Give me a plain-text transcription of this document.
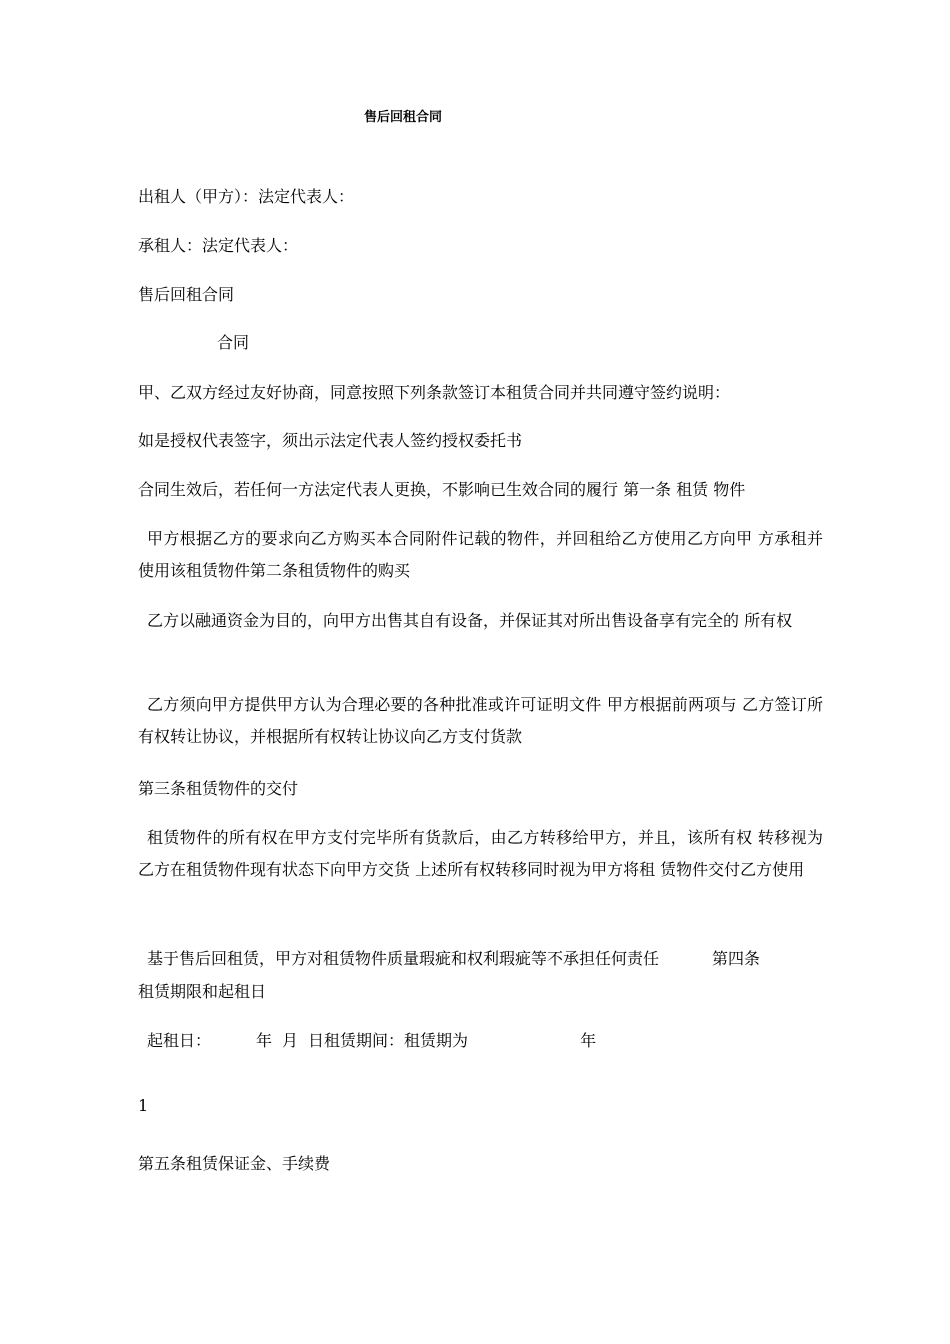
售后回租合同
出租人（甲方）：法定代表人：
承租人：法定代表人：
售后回租合同
合同
甲、乙双方经过友好协商，同意按照下列条款签订本租赁合同并共同遵守签约说明：
如是授权代表签字，须出示法定代表人签约授权委托书
合同生效后，若任何一方法定代表人更换，不影响已生效合同的履行 第一条 租赁 物件
甲方根据乙方的要求向乙方购买本合同附件记载的物件，并回租给乙方使用乙方向甲 方承租并使用该租赁物件第二条租赁物件的购买
乙方以融通资金为目的，向甲方出售其自有设备，并保证其对所出售设备享有完全的 所有权
乙方须向甲方提供甲方认为合理必要的各种批准或许可证明文件 甲方根据前两项与 乙方签订所有权转让协议，并根据所有权转让协议向乙方支付货款
第三条租赁物件的交付
租赁物件的所有权在甲方支付完毕所有货款后，由乙方转移给甲方，并且，该所有权 转移视为乙方在租赁物件现有状态下向甲方交货 上述所有权转移同时视为甲方将租 赁物件交付乙方使用
基于售后回租赁，甲方对租赁物件质量瑕疵和权利瑕疵等不承担任何责任	第四条
租赁期限和起租日
起租日：	年 月 日租赁期间：租赁期为	年
1
第五条租赁保证金、手续费
